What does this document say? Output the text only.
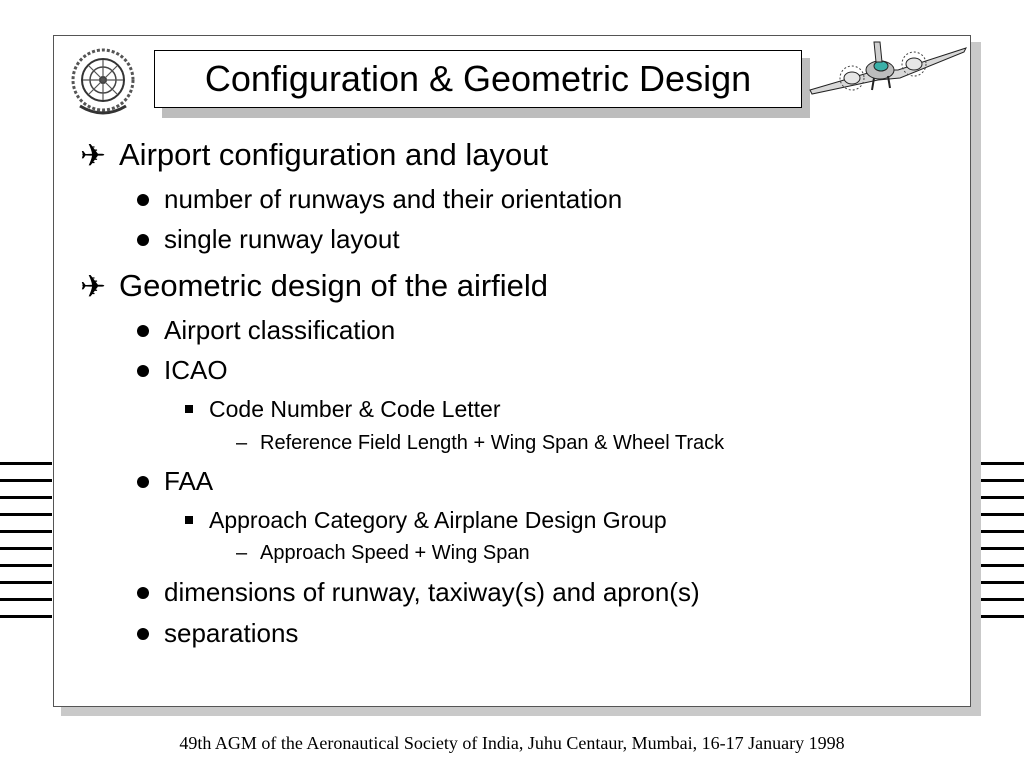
Configuration & Geometric Design
✈ Airport configuration and layout
number of runways and their orientation
single runway layout
✈ Geometric design of the airfield
Airport classification
ICAO
Code Number & Code Letter
– Reference Field Length + Wing Span & Wheel Track
FAA
Approach Category & Airplane Design Group
– Approach Speed + Wing Span
dimensions of runway, taxiway(s) and apron(s)
separations
49th AGM of the Aeronautical Society of India, Juhu Centaur, Mumbai, 16-17 January 1998
